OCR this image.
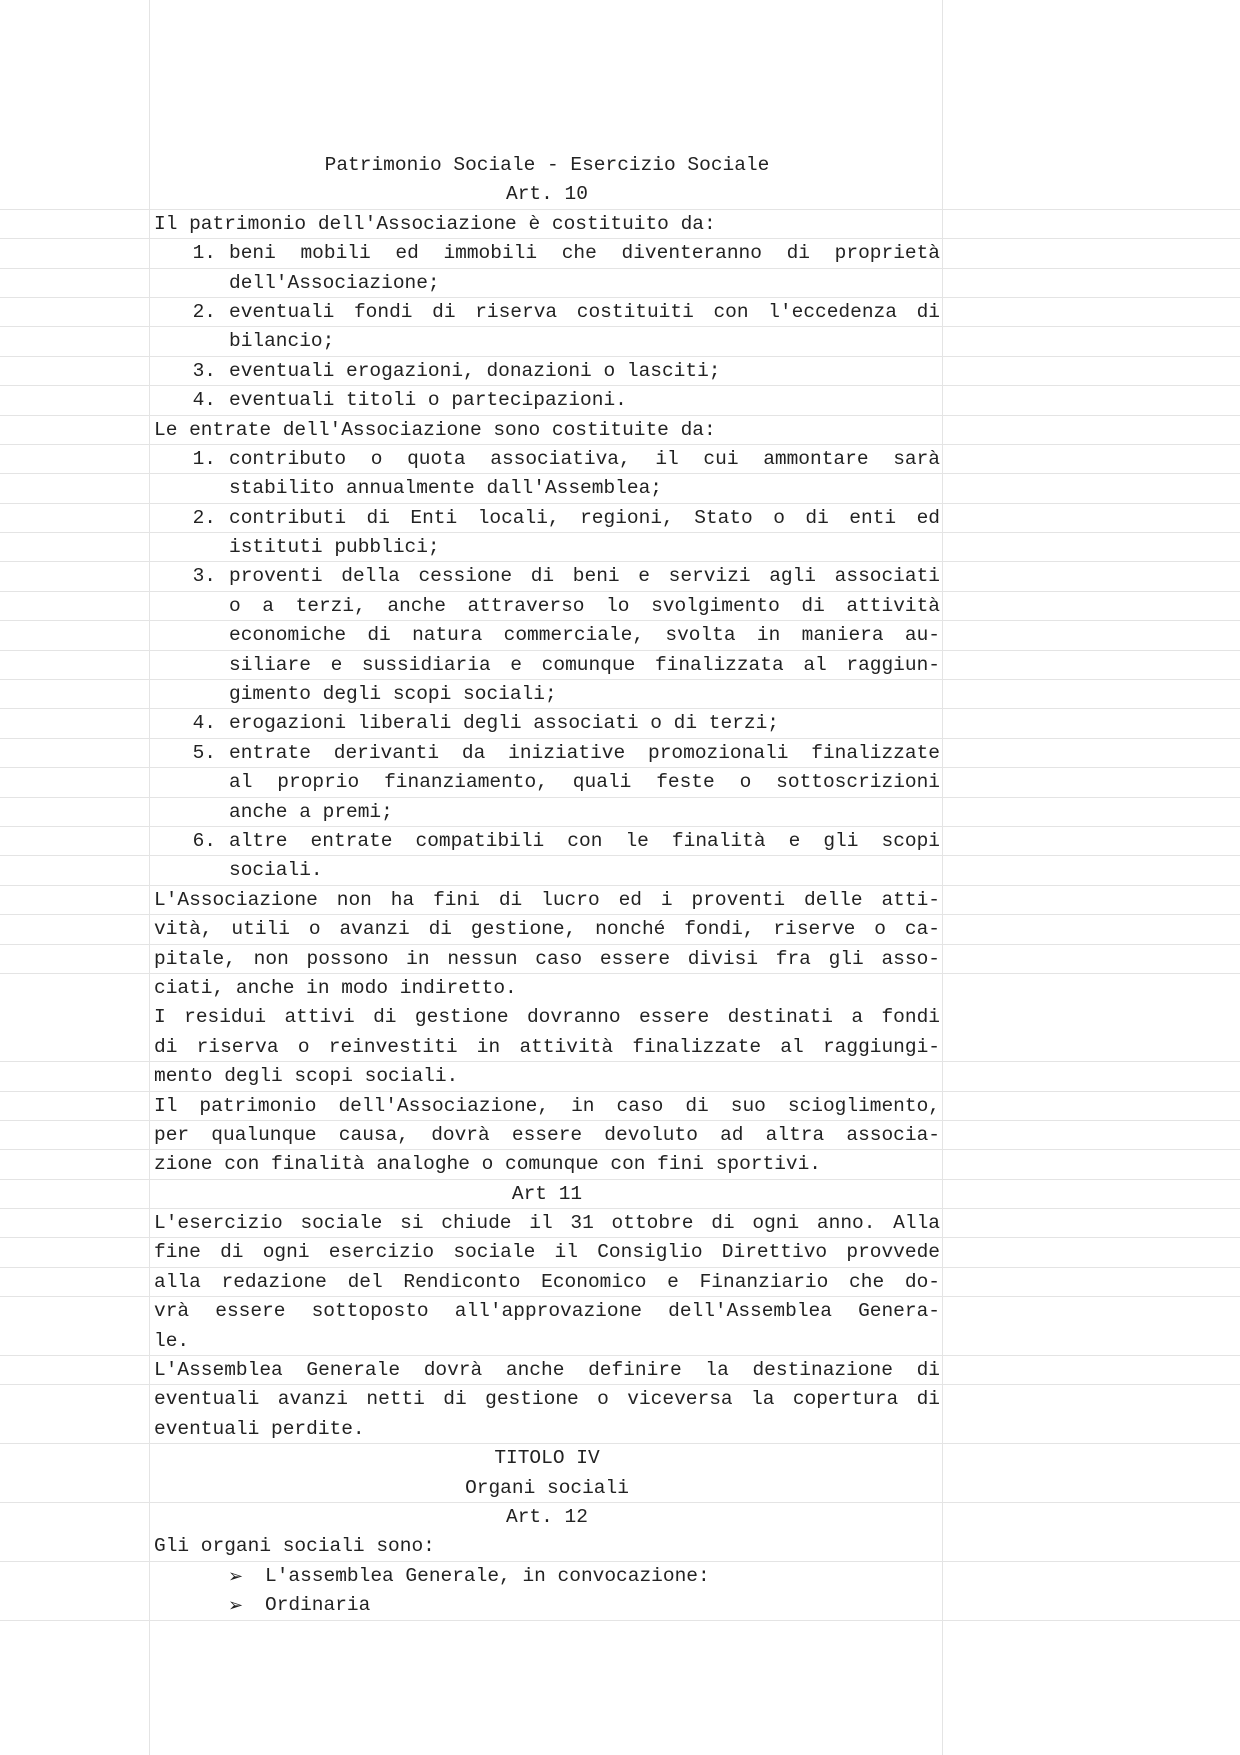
Patrimonio Sociale - Esercizio Sociale
Art. 10
Il patrimonio dell'Associazione è costituito da:
1. beni mobili ed immobili che diventeranno di proprietà
dell'Associazione;
2. eventuali fondi di riserva costituiti con l'eccedenza di
bilancio;
3. eventuali erogazioni, donazioni o lasciti;
4. eventuali titoli o partecipazioni.
Le entrate dell'Associazione sono costituite da:
1. contributo o quota associativa, il cui ammontare sarà
stabilito annualmente dall'Assemblea;
2. contributi di Enti locali, regioni, Stato o di enti ed
istituti pubblici;
3. proventi della cessione di beni e servizi agli associati
o a terzi, anche attraverso lo svolgimento di attività
economiche di natura commerciale, svolta in maniera au-
siliare e sussidiaria e comunque finalizzata al raggiun-
gimento degli scopi sociali;
4. erogazioni liberali degli associati o di terzi;
5. entrate derivanti da iniziative promozionali finalizzate
al proprio finanziamento, quali feste o sottoscrizioni
anche a premi;
6. altre entrate compatibili con le finalità e gli scopi
sociali.
L'Associazione non ha fini di lucro ed i proventi delle atti-
vità, utili o avanzi di gestione, nonché fondi, riserve o ca-
pitale, non possono in nessun caso essere divisi fra gli asso-
ciati, anche in modo indiretto.
I residui attivi di gestione dovranno essere destinati a fondi
di riserva o reinvestiti in attività finalizzate al raggiungi-
mento degli scopi sociali.
Il patrimonio dell'Associazione, in caso di suo scioglimento,
per qualunque causa, dovrà essere devoluto ad altra associa-
zione con finalità analoghe o comunque con fini sportivi.
Art 11
L'esercizio sociale si chiude il 31 ottobre di ogni anno. Alla
fine di ogni esercizio sociale il Consiglio Direttivo provvede
alla redazione del Rendiconto Economico e Finanziario che do-
vrà essere sottoposto all'approvazione dell'Assemblea Genera-
le.
L'Assemblea Generale dovrà anche definire la destinazione di
eventuali avanzi netti di gestione o viceversa la copertura di
eventuali perdite.
TITOLO IV
Organi sociali
Art. 12
Gli organi sociali sono:
➢	L'assemblea Generale, in convocazione:
➢	Ordinaria
